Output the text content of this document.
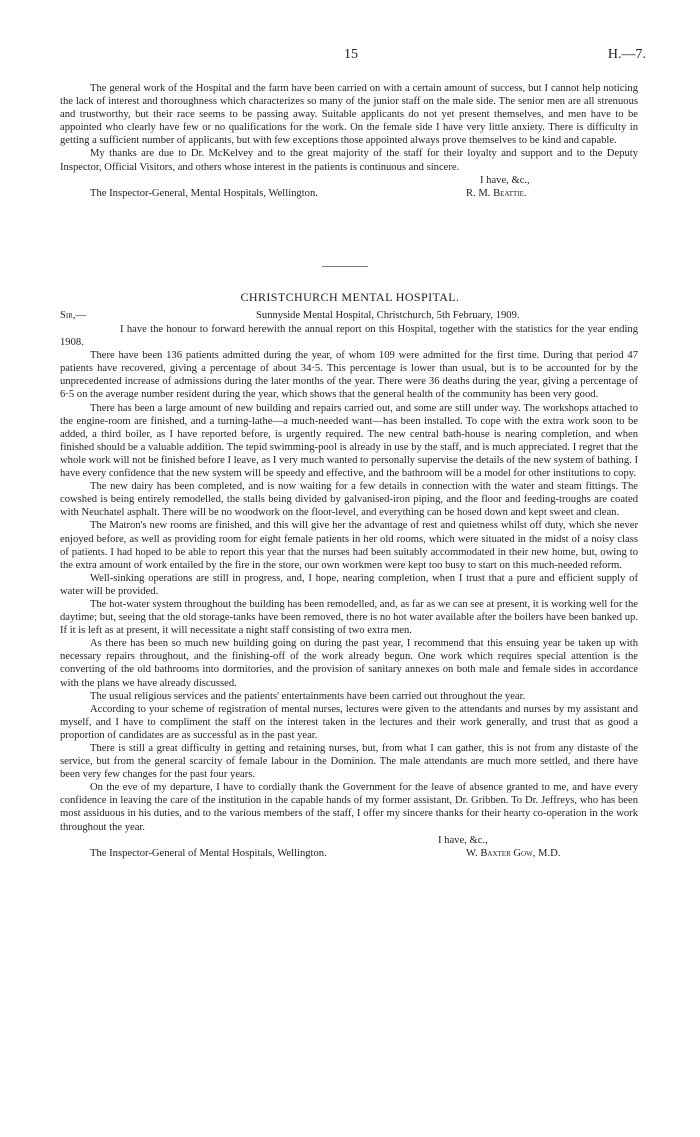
15	H.—7.

The general work of the Hospital and the farm have been carried on with a certain amount of success, but I cannot help noticing the lack of interest and thoroughness which characterizes so many of the junior staff on the male side. The senior men are all strenuous and trustworthy, but their race seems to be passing away. Suitable applicants do not yet present themselves, and men have to be appointed who clearly have few or no qualifications for the work. On the female side I have very little anxiety. There is difficulty in getting a sufficient number of applicants, but with few exceptions those appointed always prove themselves to be kind and capable.

My thanks are due to Dr. McKelvey and to the great majority of the staff for their loyalty and support and to the Deputy Inspector, Official Visitors, and others whose interest in the patients is continuous and sincere.

I have, &c.,
The Inspector-General, Mental Hospitals, Wellington.	R. M. Beattie.
CHRISTCHURCH MENTAL HOSPITAL.
Sir,—	Sunnyside Mental Hospital, Christchurch, 5th February, 1909.

I have the honour to forward herewith the annual report on this Hospital, together with the statistics for the year ending 1908.

There have been 136 patients admitted during the year, of whom 109 were admitted for the first time. During that period 47 patients have recovered, giving a percentage of about 34·5. This percentage is lower than usual, but is to be accounted for by the unprecedented increase of admissions during the later months of the year. There were 36 deaths during the year, giving a percentage of 6·5 on the average number resident during the year, which shows that the general health of the community has been very good.

There has been a large amount of new building and repairs carried out, and some are still under way. The workshops attached to the engine-room are finished, and a turning-lathe—a much-needed want—has been installed. To cope with the extra work soon to be added, a third boiler, as I have reported before, is urgently required. The new central bath-house is nearing completion, and when finished should be a valuable addition. The tepid swimming-pool is already in use by the staff, and is much appreciated. I regret that the whole work will not be finished before I leave, as I very much wanted to personally supervise the details of the new system of bathing. I have every confidence that the new system will be speedy and effective, and the bathroom will be a model for other institutions to copy.

The new dairy has been completed, and is now waiting for a few details in connection with the water and steam fittings. The cowshed is being entirely remodelled, the stalls being divided by galvanised-iron piping, and the floor and feeding-troughs are coated with Neuchatel asphalt. There will be no woodwork on the floor-level, and everything can be hosed down and kept sweet and clean.

The Matron's new rooms are finished, and this will give her the advantage of rest and quietness whilst off duty, which she never enjoyed before, as well as providing room for eight female patients in her old rooms, which were situated in the midst of a noisy class of patients. I had hoped to be able to report this year that the nurses had been suitably accommodated in their new home, but, owing to the extra amount of work entailed by the fire in the store, our own workmen were kept too busy to start on this much-needed reform.

Well-sinking operations are still in progress, and, I hope, nearing completion, when I trust that a pure and efficient supply of water will be provided.

The hot-water system throughout the building has been remodelled, and, as far as we can see at present, it is working well for the daytime; but, seeing that the old storage-tanks have been removed, there is no hot water available after the boilers have been banked up. If it is left as at present, it will necessitate a night staff consisting of two extra men.

As there has been so much new building going on during the past year, I recommend that this ensuing year be taken up with necessary repairs throughout, and the finishing-off of the work already begun. One work which requires special attention is the converting of the old bathrooms into dormitories, and the provision of sanitary annexes on both male and female sides in accordance with the plans we have already discussed.

The usual religious services and the patients' entertainments have been carried out throughout the year.

According to your scheme of registration of mental nurses, lectures were given to the attendants and nurses by my assistant and myself, and I have to compliment the staff on the interest taken in the lectures and their work generally, and trust that as good a proportion of candidates are as successful as in the past year.

There is still a great difficulty in getting and retaining nurses, but, from what I can gather, this is not from any distaste of the service, but from the general scarcity of female labour in the Dominion. The male attendants are much more settled, and there have been very few changes for the past four years.

On the eve of my departure, I have to cordially thank the Government for the leave of absence granted to me, and have every confidence in leaving the care of the institution in the capable hands of my former assistant, Dr. Gribben. To Dr. Jeffreys, who has been most assiduous in his duties, and to the various members of the staff, I offer my sincere thanks for their hearty co-operation in the work throughout the year.

I have, &c.,
The Inspector-General of Mental Hospitals, Wellington.	W. Baxter Gow, M.D.
